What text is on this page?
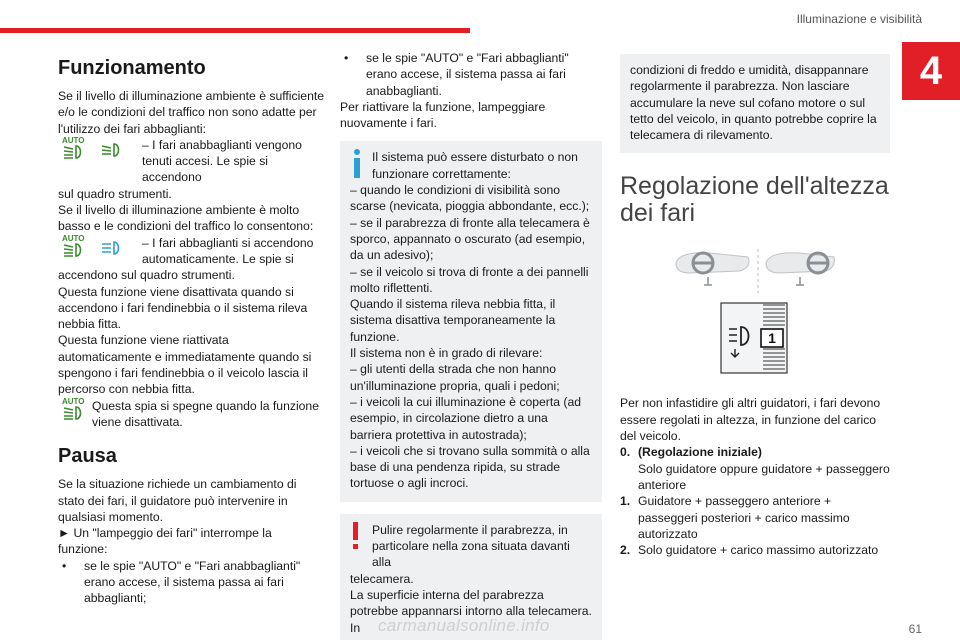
Illuminazione e visibilità
4
Funzionamento

Se il livello di illuminazione ambiente è sufficiente e/o le condizioni del traffico non sono adatte per l'utilizzo dei fari abbaglianti:

AUTO	– I fari anabbaglianti vengono tenuti accesi. Le spie si accendono

sul quadro strumenti.

Se il livello di illuminazione ambiente è molto basso e le condizioni del traffico lo consentono:

AUTO	– I fari abbaglianti si accendono automaticamente. Le spie si

accendono sul quadro strumenti.

Questa funzione viene disattivata quando si accendono i fari fendinebbia o il sistema rileva nebbia fitta.

Questa funzione viene riattivata automaticamente e immediatamente quando si spengono i fari fendinebbia o il veicolo lascia il percorso con nebbia fitta.

AUTO Questa spia si spegne quando la funzione viene disattivata.

Pausa

Se la situazione richiede un cambiamento di stato dei fari, il guidatore può intervenire in qualsiasi momento.

► Un "lampeggio dei fari" interrompe la funzione:

•	se le spie "AUTO" e "Fari anabbaglianti" erano accese, il sistema passa ai fari abbaglianti;
•	se le spie "AUTO" e "Fari abbaglianti" erano accese, il sistema passa ai fari anabbaglianti.

Per riattivare la funzione, lampeggiare nuovamente i fari.

Il sistema può essere disturbato o non funzionare correttamente:

– quando le condizioni di visibilità sono scarse (nevicata, pioggia abbondante, ecc.);

– se il parabrezza di fronte alla telecamera è sporco, appannato o oscurato (ad esempio, da un adesivo);

– se il veicolo si trova di fronte a dei pannelli molto riflettenti.

Quando il sistema rileva nebbia fitta, il sistema disattiva temporaneamente la funzione.

Il sistema non è in grado di rilevare:

– gli utenti della strada che non hanno un'illuminazione propria, quali i pedoni;

– i veicoli la cui illuminazione è coperta (ad esempio, in circolazione dietro a una barriera protettiva in autostrada);

– i veicoli che si trovano sulla sommità o alla base di una pendenza ripida, su strade tortuose o agli incroci.

Pulire regolarmente il parabrezza, in particolare nella zona situata davanti alla

telecamera.

La superficie interna del parabrezza potrebbe appannarsi intorno alla telecamera. In

condizioni di freddo e umidità, disappannare regolarmente il parabrezza. Non lasciare accumulare la neve sul cofano motore o sul tetto del veicolo, in quanto potrebbe coprire la telecamera di rilevamento.

Regolazione dell'altezza dei fari
1

Per non infastidire gli altri guidatori, i fari devono essere regolati in altezza, in funzione del carico del veicolo.

0. (Regolazione iniziale)

Solo guidatore oppure guidatore + passeggero anteriore

1. Guidatore + passeggero anteriore + passeggeri posteriori + carico massimo autorizzato

2. Solo guidatore + carico massimo autorizzato

carmanualsonline.info	61
